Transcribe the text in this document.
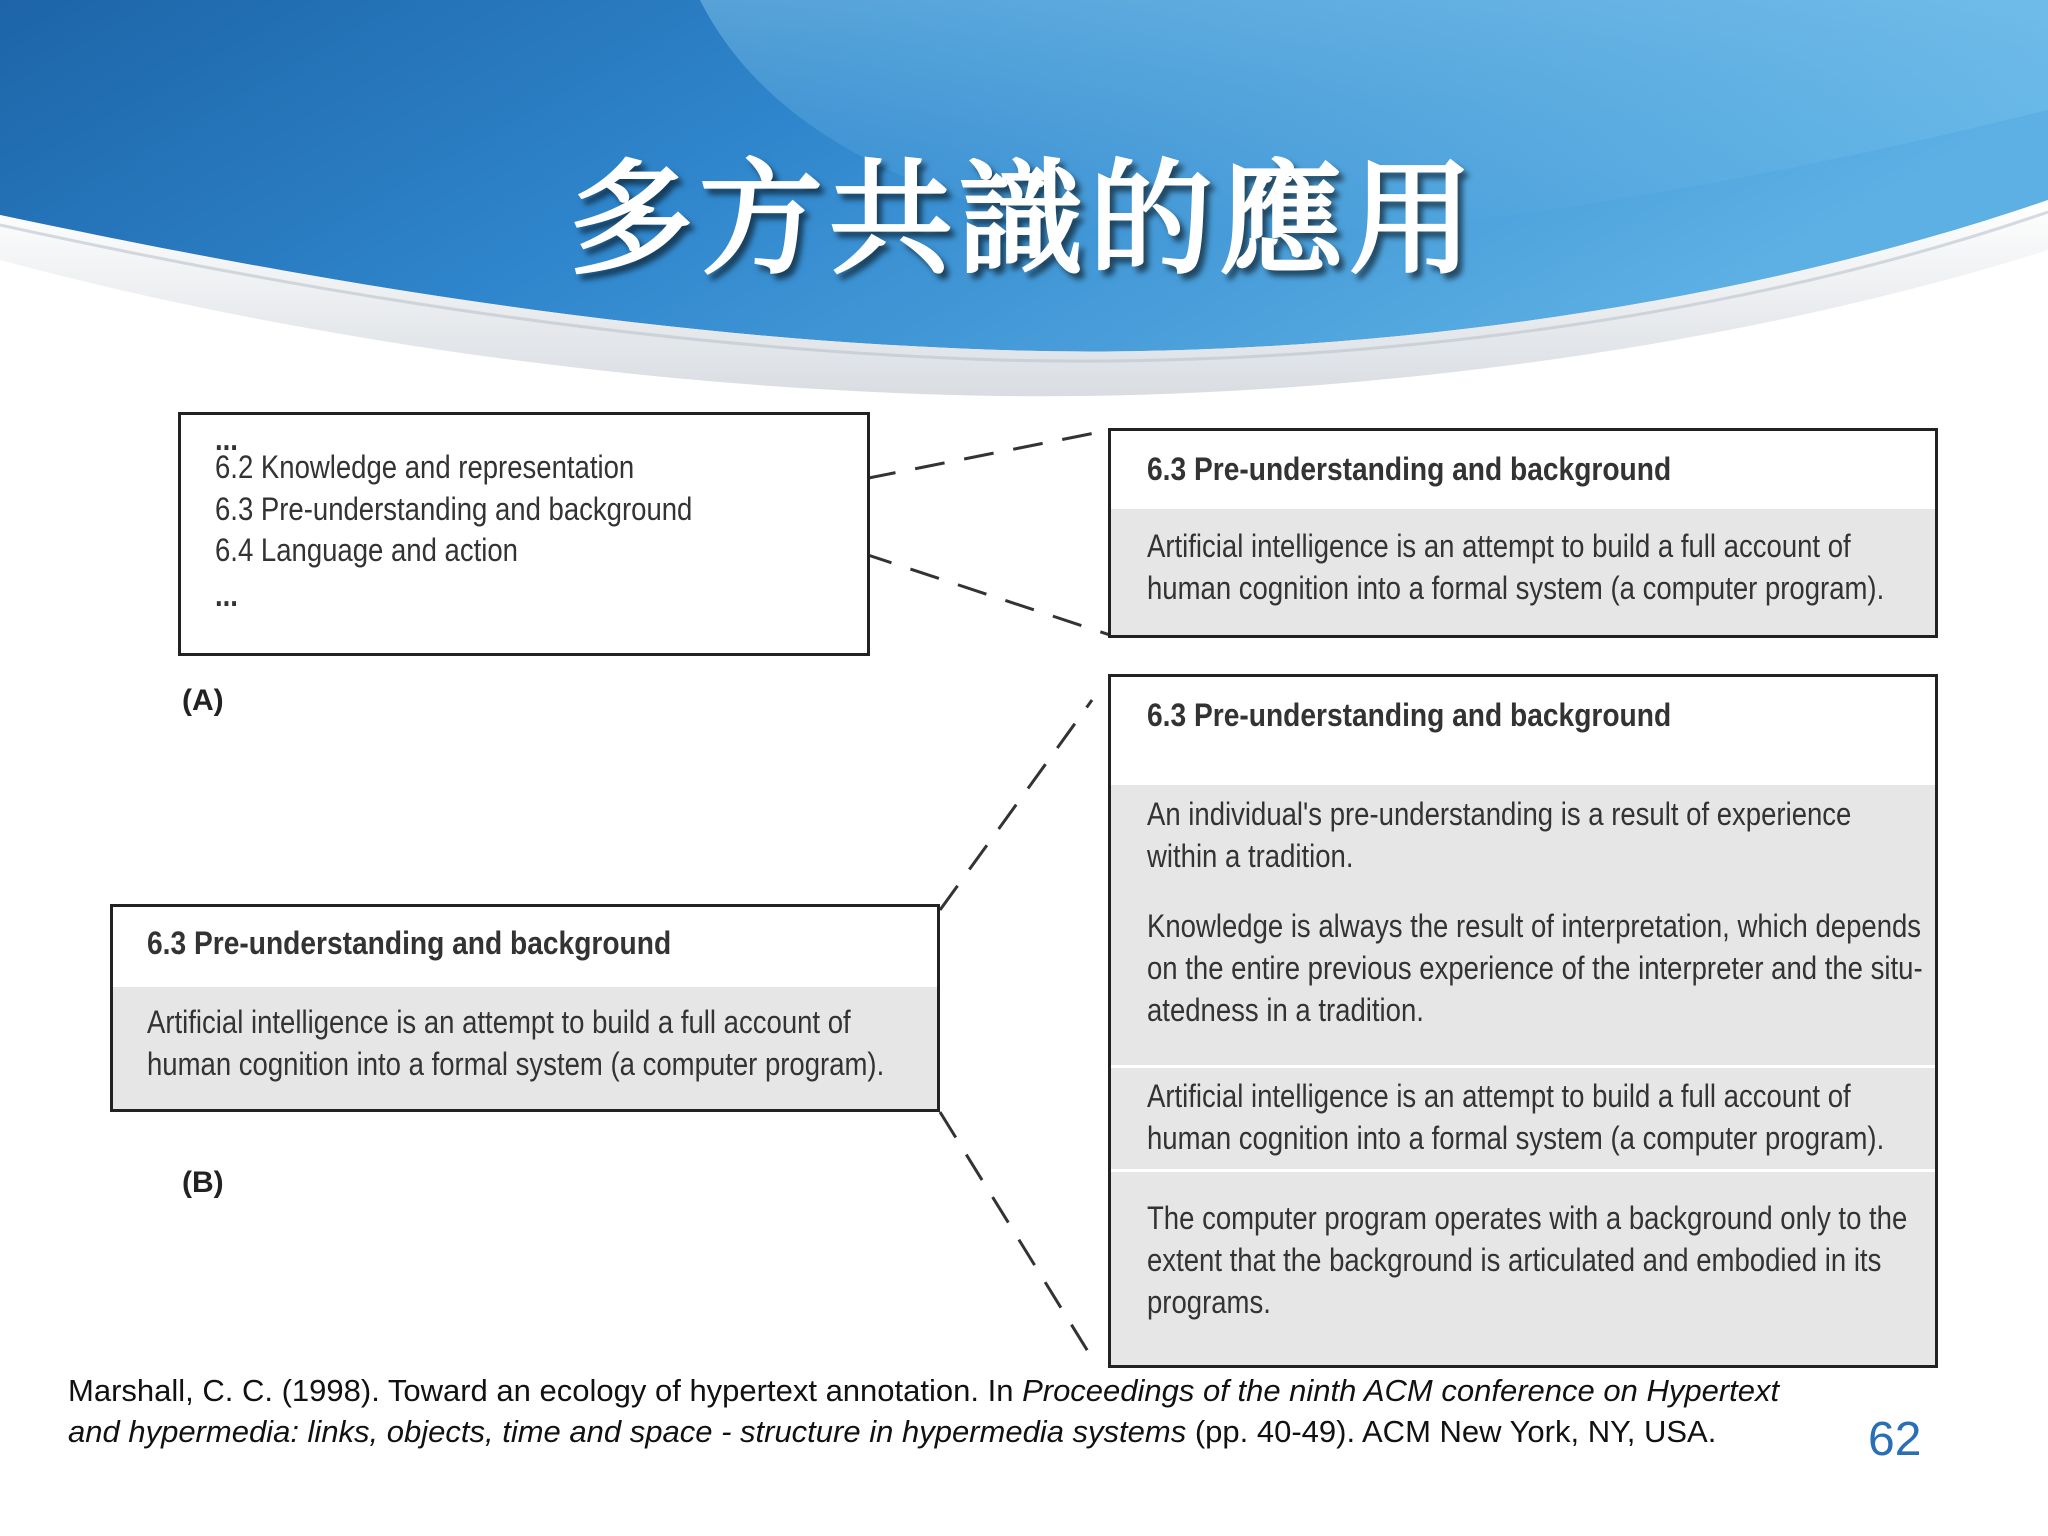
多方共識的應用
...
6.2 Knowledge and representation
6.3 Pre-understanding and background
6.4 Language and action
...
(A)
6.3 Pre-understanding and background
Artificial intelligence is an attempt to build a full account of
human cognition into a formal system (a computer program).
6.3 Pre-understanding and background
Artificial intelligence is an attempt to build a full account of
human cognition into a formal system (a computer program).
(B)
6.3 Pre-understanding and background
An individual's pre-understanding is a result of experience
within a tradition.
Knowledge is always the result of interpretation, which depends
on the entire previous experience of the interpreter and the situ-
atedness in a tradition.
Artificial intelligence is an attempt to build a full account of
human cognition into a formal system (a computer program).
The computer program operates with a background only to the
extent that the background is articulated and embodied in its
programs.
Marshall, C. C. (1998). Toward an ecology of hypertext annotation. In Proceedings of the ninth ACM conference on Hypertext and hypermedia: links, objects, time and space - structure in hypermedia systems (pp. 40-49). ACM New York, NY, USA.	62
